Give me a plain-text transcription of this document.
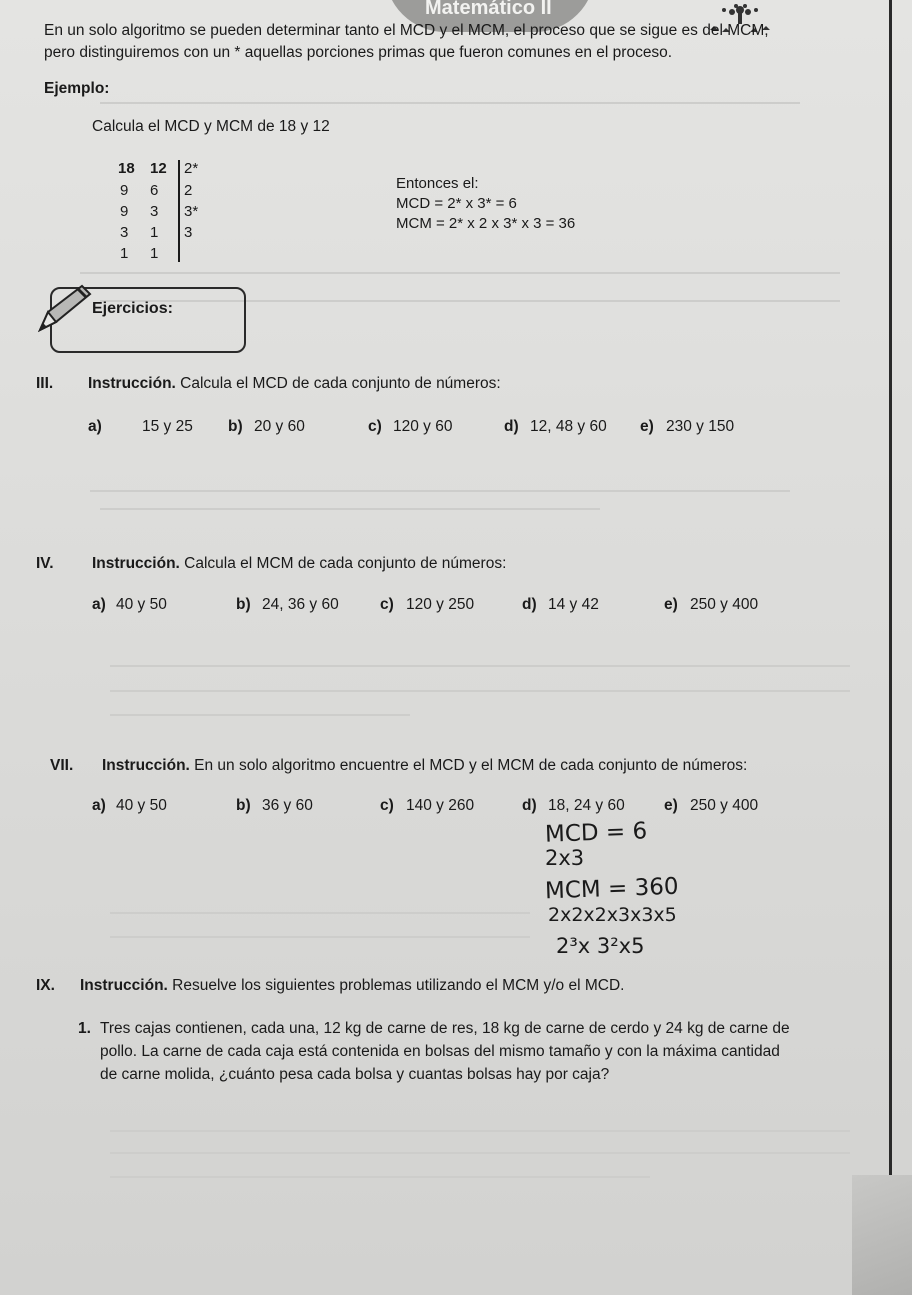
Matemático II
En un solo algoritmo se pueden determinar tanto el MCD y el MCM, el proceso que se sigue es del MCM,
pero distinguiremos con un * aquellas porciones primas que fueron comunes en el proceso.
Ejemplo:
Calcula el MCD y MCM de 18 y 12
18 12 2*
9 6 2
9 3 3*
3 1 3
1 1
Entonces el:
MCD = 2* x 3* = 6
MCM = 2* x 2 x 3* x 3 = 36
Ejercicios:
III. Instrucción. Calcula el MCD de cada conjunto de números:
a)	15 y 25 b) 20 y 60	c) 120 y 60	d) 12, 48 y 60 e) 230 y 150
IV. Instrucción. Calcula el MCM de cada conjunto de números:
a) 40 y 50	b) 24, 36 y 60	c) 120 y 250	d) 14 y 42	e) 250 y 400
VII. Instrucción. En un solo algoritmo encuentre el MCD y el MCM de cada conjunto de números:
a) 40 y 50	b) 36 y 60	c) 140 y 260	d) 18, 24 y 60	e) 250 y 400
MCD = 6
2x3
MCM = 360
2x2x2x3x3x5
2³x 3²x5
IX. Instrucción. Resuelve los siguientes problemas utilizando el MCM y/o el MCD.
1. Tres cajas contienen, cada una, 12 kg de carne de res, 18 kg de carne de cerdo y 24 kg de carne de
pollo. La carne de cada caja está contenida en bolsas del mismo tamaño y con la máxima cantidad
de carne molida, ¿cuánto pesa cada bolsa y cuantas bolsas hay por caja?
